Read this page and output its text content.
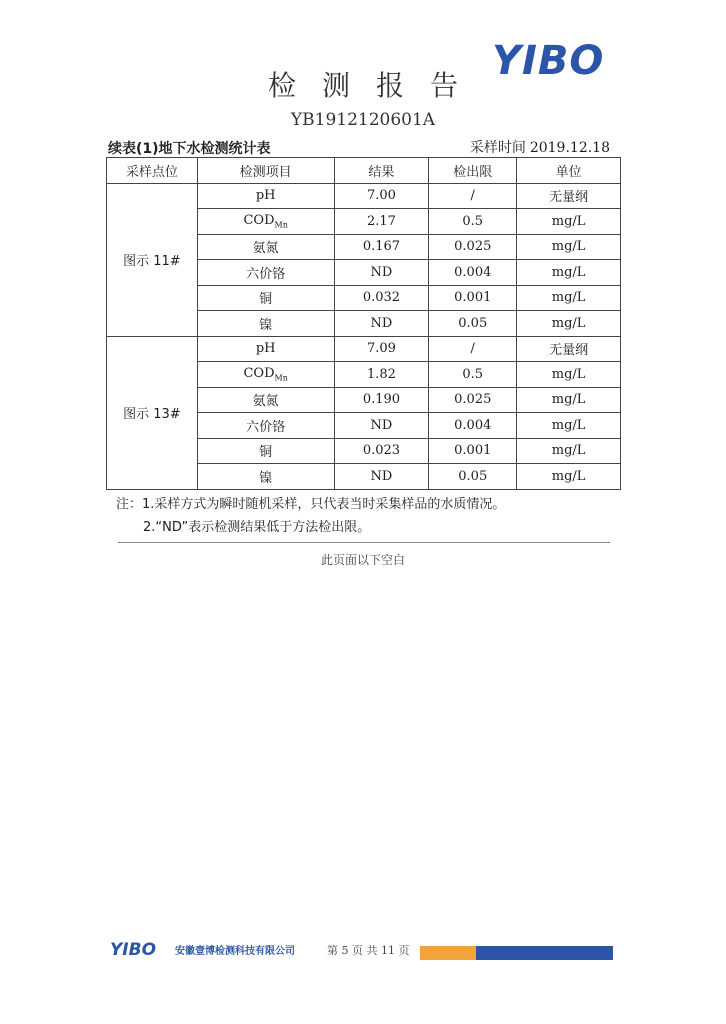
YIBO
检测报告
YB1912120601A
续表(1)地下水检测统计表	采样时间 2019.12.18
采样点位	检测项目	结果	检出限	单位
图示 11#	pH	7.00	/	无量纲
	$COD_{Mn}$	2.17	0.5	mg/L
	氨氮	0.167	0.025	mg/L
	六价铬	ND	0.004	mg/L
	铜	0.032	0.001	mg/L
	镍	ND	0.05	mg/L
图示 13#	pH	7.09	/	无量纲
	$COD_{Mn}$	1.82	0.5	mg/L
	氨氮	0.190	0.025	mg/L
	六价铬	ND	0.004	mg/L
	铜	0.023	0.001	mg/L
	镍	ND	0.05	mg/L
注：1.采样方式为瞬时随机采样，只代表当时采集样品的水质情况。
2.“ND”表示检测结果低于方法检出限。
此页面以下空白
YIBO 安徽壹博检测科技有限公司	第 5 页 共 11 页
